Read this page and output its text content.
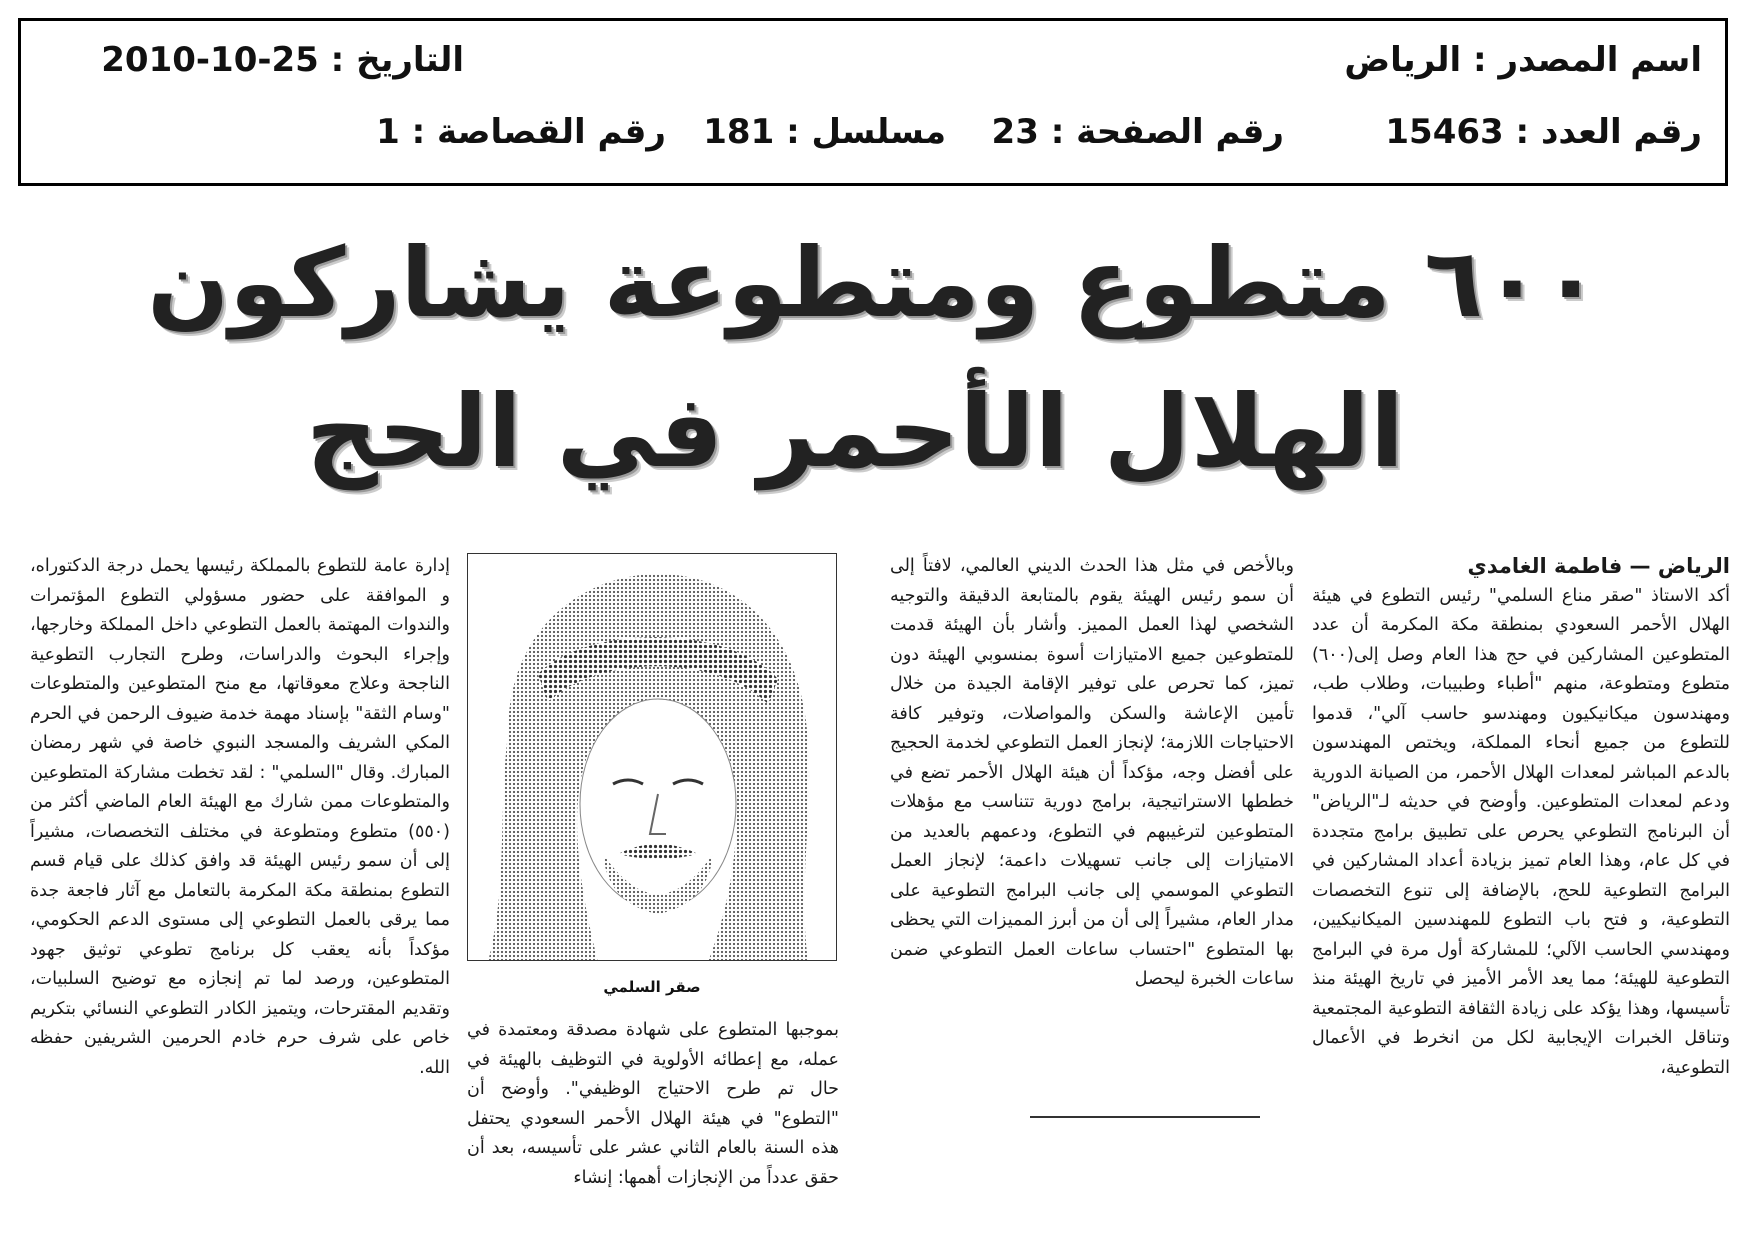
اسم المصدر : الرياض
التاريخ : 25-10-2010
رقم العدد : 15463
رقم الصفحة : 23
مسلسل : 181
رقم القصاصة : 1
٦٠٠ متطوع ومتطوعة يشاركون
الهلال الأحمر في الحج

الرياض — فاطمة الغامدي

أكد الاستاذ "صقر مناع السلمي" رئيس التطوع في هيئة الهلال الأحمر السعودي بمنطقة مكة المكرمة أن عدد المتطوعين المشاركين في حج هذا العام وصل إلى(٦٠٠) متطوع ومتطوعة، منهم "أطباء وطبيبات، وطلاب طب، ومهندسون ميكانيكيون ومهندسو حاسب آلي"، قدموا للتطوع من جميع أنحاء المملكة، ويختص المهندسون بالدعم المباشر لمعدات الهلال الأحمر، من الصيانة الدورية ودعم لمعدات المتطوعين. وأوضح في حديثه لـ"الرياض" أن البرنامج التطوعي يحرص على تطبيق برامج متجددة في كل عام، وهذا العام تميز بزيادة أعداد المشاركين في البرامج التطوعية للحج، بالإضافة إلى تنوع التخصصات التطوعية، و فتح باب التطوع للمهندسين الميكانيكيين، ومهندسي الحاسب الآلي؛ للمشاركة أول مرة في البرامج التطوعية للهيئة؛ مما يعد الأمر الأميز في تاريخ الهيئة منذ تأسيسها، وهذا يؤكد على زيادة الثقافة التطوعية المجتمعية وتناقل الخبرات الإيجابية لكل من انخرط في الأعمال التطوعية،

وبالأخص في مثل هذا الحدث الديني العالمي، لافتاً إلى أن سمو رئيس الهيئة يقوم بالمتابعة الدقيقة والتوجيه الشخصي لهذا العمل المميز. وأشار بأن الهيئة قدمت للمتطوعين جميع الامتيازات أسوة بمنسوبي الهيئة دون تميز، كما تحرص على توفير الإقامة الجيدة من خلال تأمين الإعاشة والسكن والمواصلات، وتوفير كافة الاحتياجات اللازمة؛ لإنجاز العمل التطوعي لخدمة الحجيج على أفضل وجه، مؤكداً أن هيئة الهلال الأحمر تضع في خططها الاستراتيجية، برامج دورية تتناسب مع مؤهلات المتطوعين لترغيبهم في التطوع، ودعمهم بالعديد من الامتيازات إلى جانب تسهيلات داعمة؛ لإنجاز العمل التطوعي الموسمي إلى جانب البرامج التطوعية على مدار العام، مشيراً إلى أن من أبرز المميزات التي يحظى بها المتطوع "احتساب ساعات العمل التطوعي ضمن ساعات الخبرة ليحصل

صقر السلمي

بموجبها المتطوع على شهادة مصدقة ومعتمدة في عمله، مع إعطائه الأولوية في التوظيف بالهيئة في حال تم طرح الاحتياج الوظيفي". وأوضح أن "التطوع" في هيئة الهلال الأحمر السعودي يحتفل هذه السنة بالعام الثاني عشر على تأسيسه، بعد أن حقق عدداً من الإنجازات أهمها: إنشاء

إدارة عامة للتطوع بالمملكة رئيسها يحمل درجة الدكتوراه، و الموافقة على حضور مسؤولي التطوع المؤتمرات والندوات المهتمة بالعمل التطوعي داخل المملكة وخارجها، وإجراء البحوث والدراسات، وطرح التجارب التطوعية الناجحة وعلاج معوقاتها، مع منح المتطوعين والمتطوعات "وسام الثقة" بإسناد مهمة خدمة ضيوف الرحمن في الحرم المكي الشريف والمسجد النبوي خاصة في شهر رمضان المبارك. وقال "السلمي" : لقد تخطت مشاركة المتطوعين والمتطوعات ممن شارك مع الهيئة العام الماضي أكثر من (٥٥٠) متطوع ومتطوعة في مختلف التخصصات، مشيراً إلى أن سمو رئيس الهيئة قد وافق كذلك على قيام قسم التطوع بمنطقة مكة المكرمة بالتعامل مع آثار فاجعة جدة مما يرقى بالعمل التطوعي إلى مستوى الدعم الحكومي، مؤكداً بأنه يعقب كل برنامج تطوعي توثيق جهود المتطوعين، ورصد لما تم إنجازه مع توضيح السلبيات، وتقديم المقترحات، ويتميز الكادر التطوعي النسائي بتكريم خاص على شرف حرم خادم الحرمين الشريفين حفظه الله.
